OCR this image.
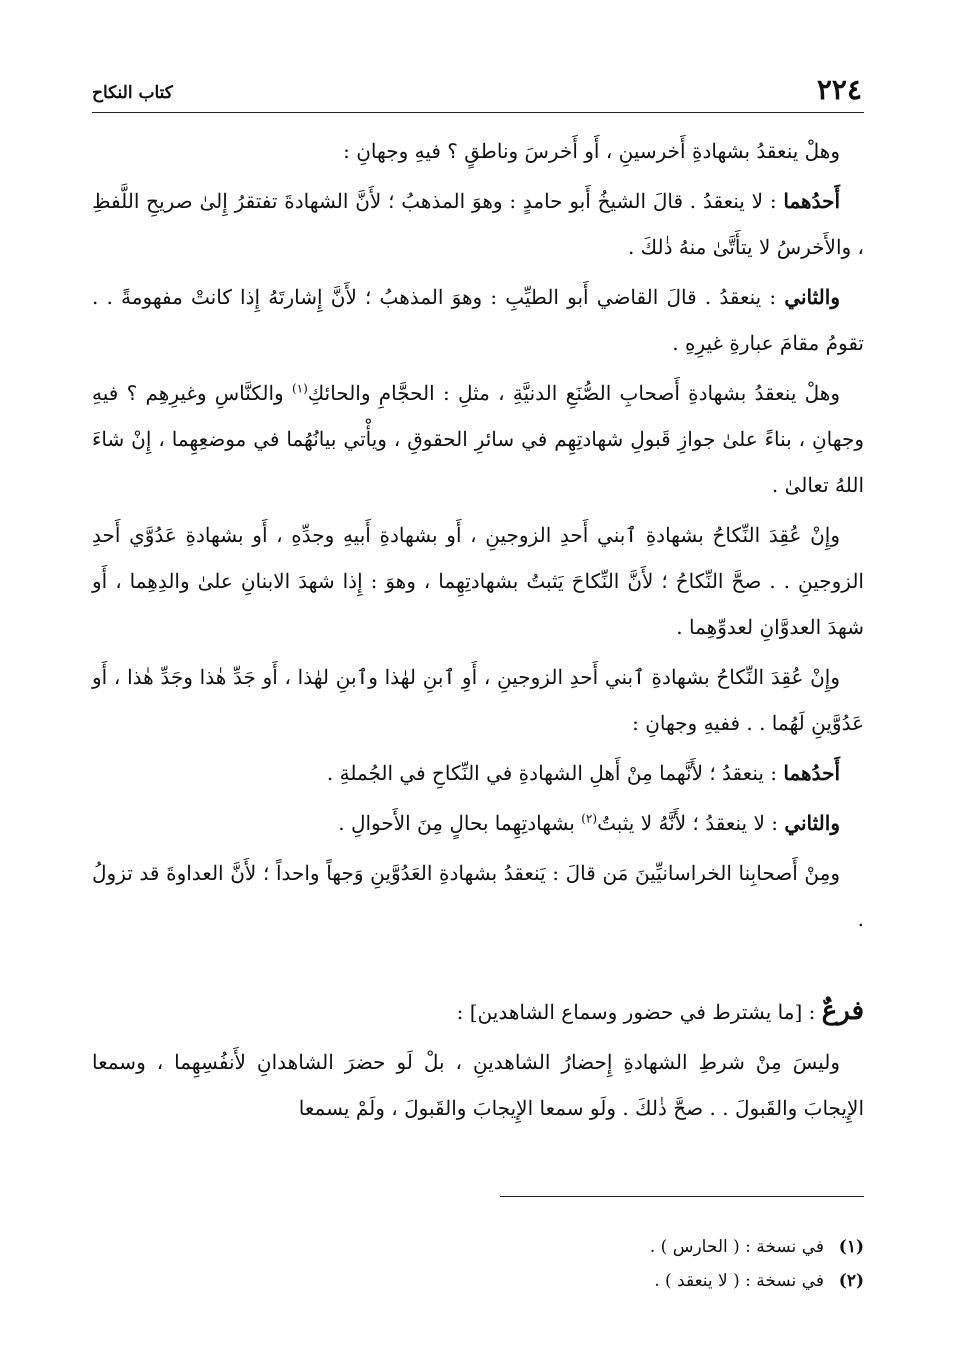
٢٢٤
كتاب النكاح

وهلْ ينعقدُ بشهادةِ أَخرسينِ ، أَو أَخرسَ وناطقٍ ؟ فيهِ وجهانِ :

أَحدُهما : لا ينعقدُ . قالَ الشيخُ أَبو حامدٍ : وهوَ المذهبُ ؛ لأَنَّ الشهادةَ تفتقرُ إِلىٰ صريحِ اللَّفظِ ، والأَخرسُ لا يتأَتَّىٰ منهُ ذٰلكَ .

والثاني : ينعقدُ . قالَ القاضي أَبو الطيِّبِ : وهوَ المذهبُ ؛ لأَنَّ إِشارتَهُ إِذا كانتْ مفهومةً . . تقومُ مقامَ عبارةِ غيرِهِ .

وهلْ ينعقدُ بشهادةِ أَصحابِ الصُّنَعِ الدنيَّةِ ، مثلِ : الحجَّامِ والحائكِ$^{(١)}$ والكنَّاسِ وغيرِهِم ؟ فيهِ وجهانِ ، بناءً علىٰ جوازِ قَبولِ شهادتِهِم في سائرِ الحقوقِ ، ويأْتي بيانُهُما في موضعِهِما ، إِنْ شاءَ اللهُ تعالىٰ .

وإِنْ عُقِدَ النِّكاحُ بشهادةِ ٱبني أَحدِ الزوجينِ ، أَو بشهادةِ أَبيهِ وجدِّهِ ، أَو بشهادةِ عَدُوَّي أَحدِ الزوجينِ . . صحَّ النِّكاحُ ؛ لأَنَّ النِّكاحَ يَثبتُ بشهادتِهِما ، وهوَ : إِذا شهدَ الابنانِ علىٰ والدِهِما ، أَو شهدَ العدوَّانِ لعدوِّهِما .

وإِنْ عُقِدَ النِّكاحُ بشهادةِ ٱبني أَحدِ الزوجينِ ، أَوِ ٱبنِ لهٰذا وٱبنِ لهٰذا ، أَو جَدِّ هٰذا وجَدِّ هٰذا ، أَو عَدُوَّينِ لَهُما . . ففيهِ وجهانِ :

أَحدُهما : ينعقدُ ؛ لأَنَّهما مِنْ أَهلِ الشهادةِ في النِّكاحِ في الجُملةِ .

والثاني : لا ينعقدُ ؛ لأَنَّهُ لا يثبتُ$^{(٢)}$ بشهادتِهِما بحالٍ مِنَ الأَحوالِ .

ومِنْ أَصحابِنا الخراسانيِّينَ مَن قالَ : يَنعقدُ بشهادةِ العَدُوَّينِ وَجهاً واحداً ؛ لأَنَّ العداوةَ قد تزولُ .

فرعٌ : [ما يشترط في حضور وسماع الشاهدين] :

وليسَ مِنْ شرطِ الشهادةِ إِحضارُ الشاهدينِ ، بلْ لَو حضرَ الشاهدانِ لأَنفُسِهِما ، وسمعا الإِيجابَ والقَبولَ . . صحَّ ذٰلكَ . ولَو سمعا الإِيجابَ والقَبولَ ، ولَمْ يسمعا

(١)في نسخة : ( الحارس ) .

(٢)في نسخة : ( لا ينعقد ) .
